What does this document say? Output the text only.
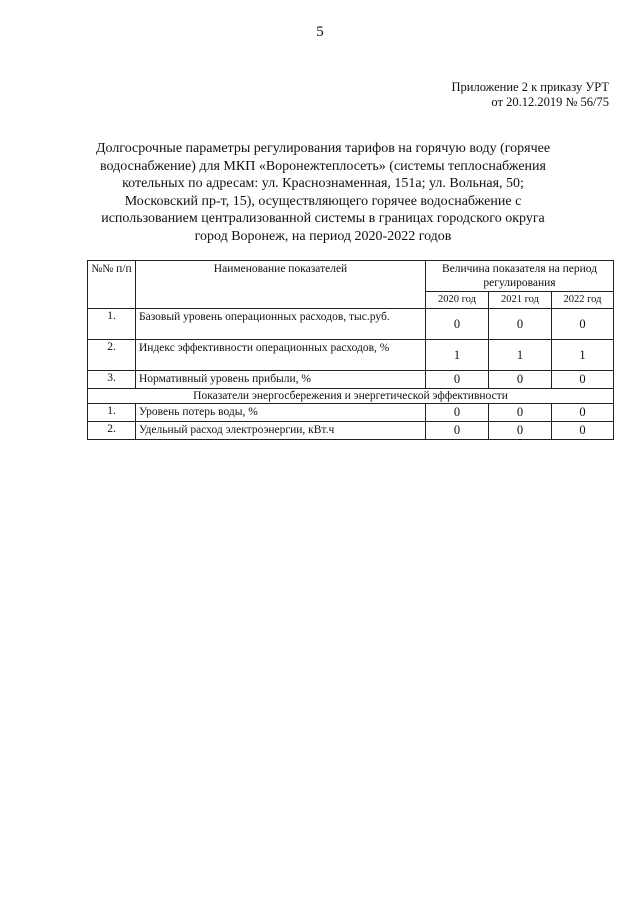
5
Приложение 2 к приказу УРТ
от 20.12.2019 № 56/75
Долгосрочные параметры регулирования тарифов на горячую воду (горячее водоснабжение) для МКП «Воронежтеплосеть» (системы теплоснабжения котельных по адресам: ул. Краснознаменная, 151а; ул. Вольная, 50; Московский пр-т, 15), осуществляющего горячее водоснабжение с использованием централизованной системы в границах городского округа город Воронеж, на период 2020-2022 годов
№№ п/п	Наименование показателей	Величина показателя на период регулирования		
		2020 год	2021 год	2022 год
1.	Базовый уровень операционных расходов, тыс.руб.	0	0	0
2.	Индекс эффективности операционных расходов, %	1	1	1
3.	Нормативный уровень прибыли, %	0	0	0
Показатели энергосбережения и энергетической эффективности				
1.	Уровень потерь воды, %	0	0	0
2.	Удельный расход электроэнергии, кВт.ч	0	0	0
